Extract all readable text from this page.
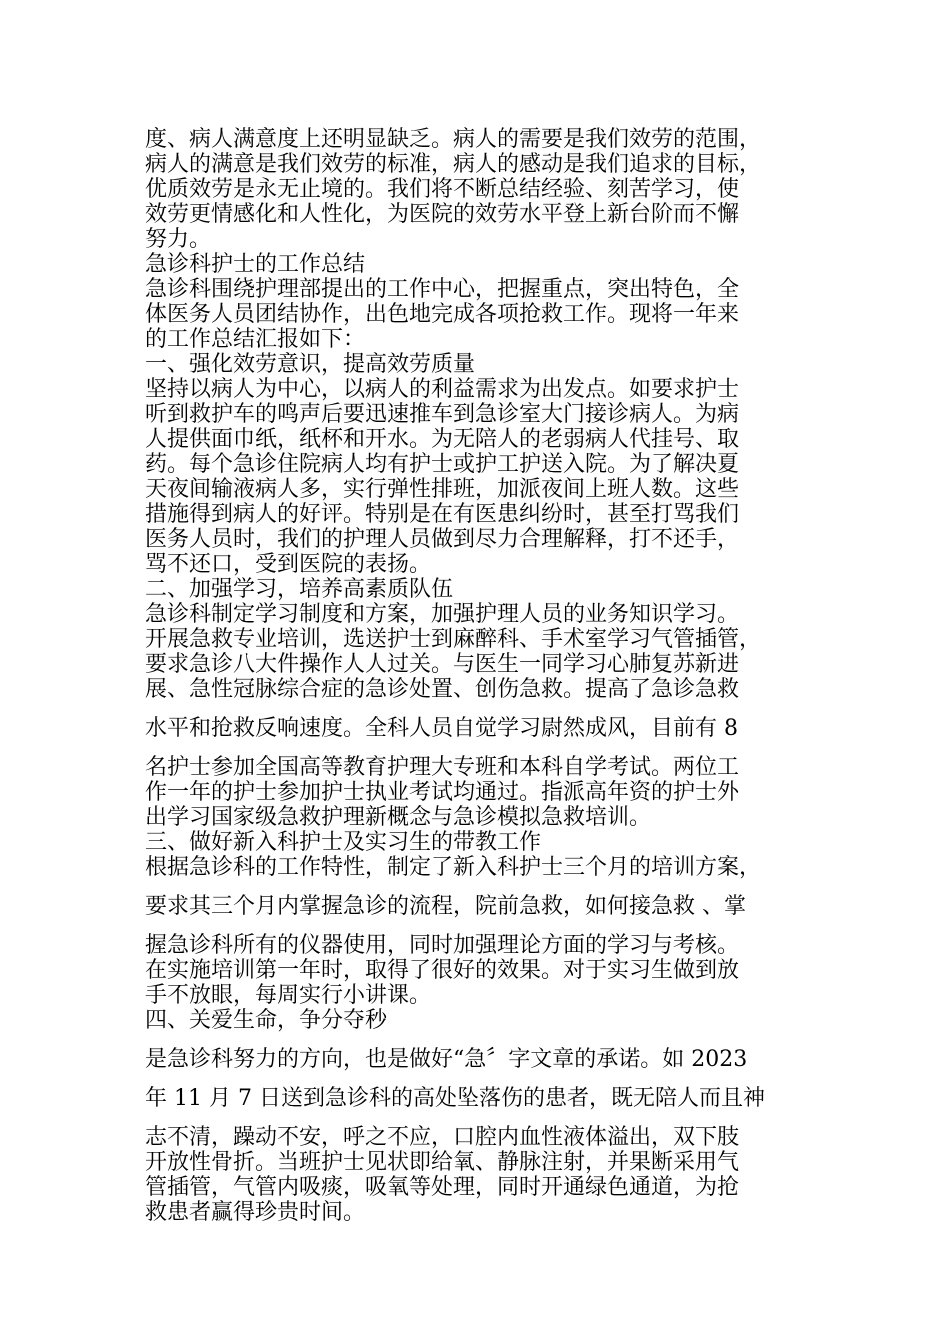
度、病人满意度上还明显缺乏。病人的需要是我们效劳的范围，
病人的满意是我们效劳的标准，病人的感动是我们追求的目标，
优质效劳是永无止境的。我们将不断总结经验、刻苦学习，使
效劳更情感化和人性化，为医院的效劳水平登上新台阶而不懈
努力。
急诊科护士的工作总结
急诊科围绕护理部提出的工作中心，把握重点，突出特色，全
体医务人员团结协作，出色地完成各项抢救工作。现将一年来
的工作总结汇报如下：
一、强化效劳意识，提高效劳质量
坚持以病人为中心，以病人的利益需求为出发点。如要求护士
听到救护车的鸣声后要迅速推车到急诊室大门接诊病人。为病
人提供面巾纸，纸杯和开水。为无陪人的老弱病人代挂号、取
药。每个急诊住院病人均有护士或护工护送入院。为了解决夏
天夜间输液病人多，实行弹性排班，加派夜间上班人数。这些
措施得到病人的好评。特别是在有医患纠纷时，甚至打骂我们
医务人员时，我们的护理人员做到尽力合理解释，打不还手，
骂不还口，受到医院的表扬。
二、加强学习，培养高素质队伍
急诊科制定学习制度和方案，加强护理人员的业务知识学习。
开展急救专业培训，选送护士到麻醉科、手术室学习气管插管，
要求急诊八大件操作人人过关。与医生一同学习心肺复苏新进
展、急性冠脉综合症的急诊处置、创伤急救。提高了急诊急救
水平和抢救反响速度。全科人员自觉学习尉然成风，目前有 8
名护士参加全国高等教育护理大专班和本科自学考试。两位工
作一年的护士参加护士执业考试均通过。指派高年资的护士外
出学习国家级急救护理新概念与急诊模拟急救培训。
三、做好新入科护士及实习生的带教工作
根据急诊科的工作特性，制定了新入科护士三个月的培训方案，
要求其三个月内掌握急诊的流程，院前急救，如何接急救 、掌
握急诊科所有的仪器使用，同时加强理论方面的学习与考核。
在实施培训第一年时，取得了很好的效果。对于实习生做到放
手不放眼，每周实行小讲课。
四、关爱生命，争分夺秒
是急诊科努力的方向，也是做好“急〞字文章的承诺。如 2023
年 11 月 7 日送到急诊科的高处坠落伤的患者，既无陪人而且神
志不清，躁动不安，呼之不应，口腔内血性液体溢出，双下肢
开放性骨折。当班护士见状即给氧、静脉注射，并果断采用气
管插管，气管内吸痰，吸氧等处理，同时开通绿色通道，为抢
救患者赢得珍贵时间。
